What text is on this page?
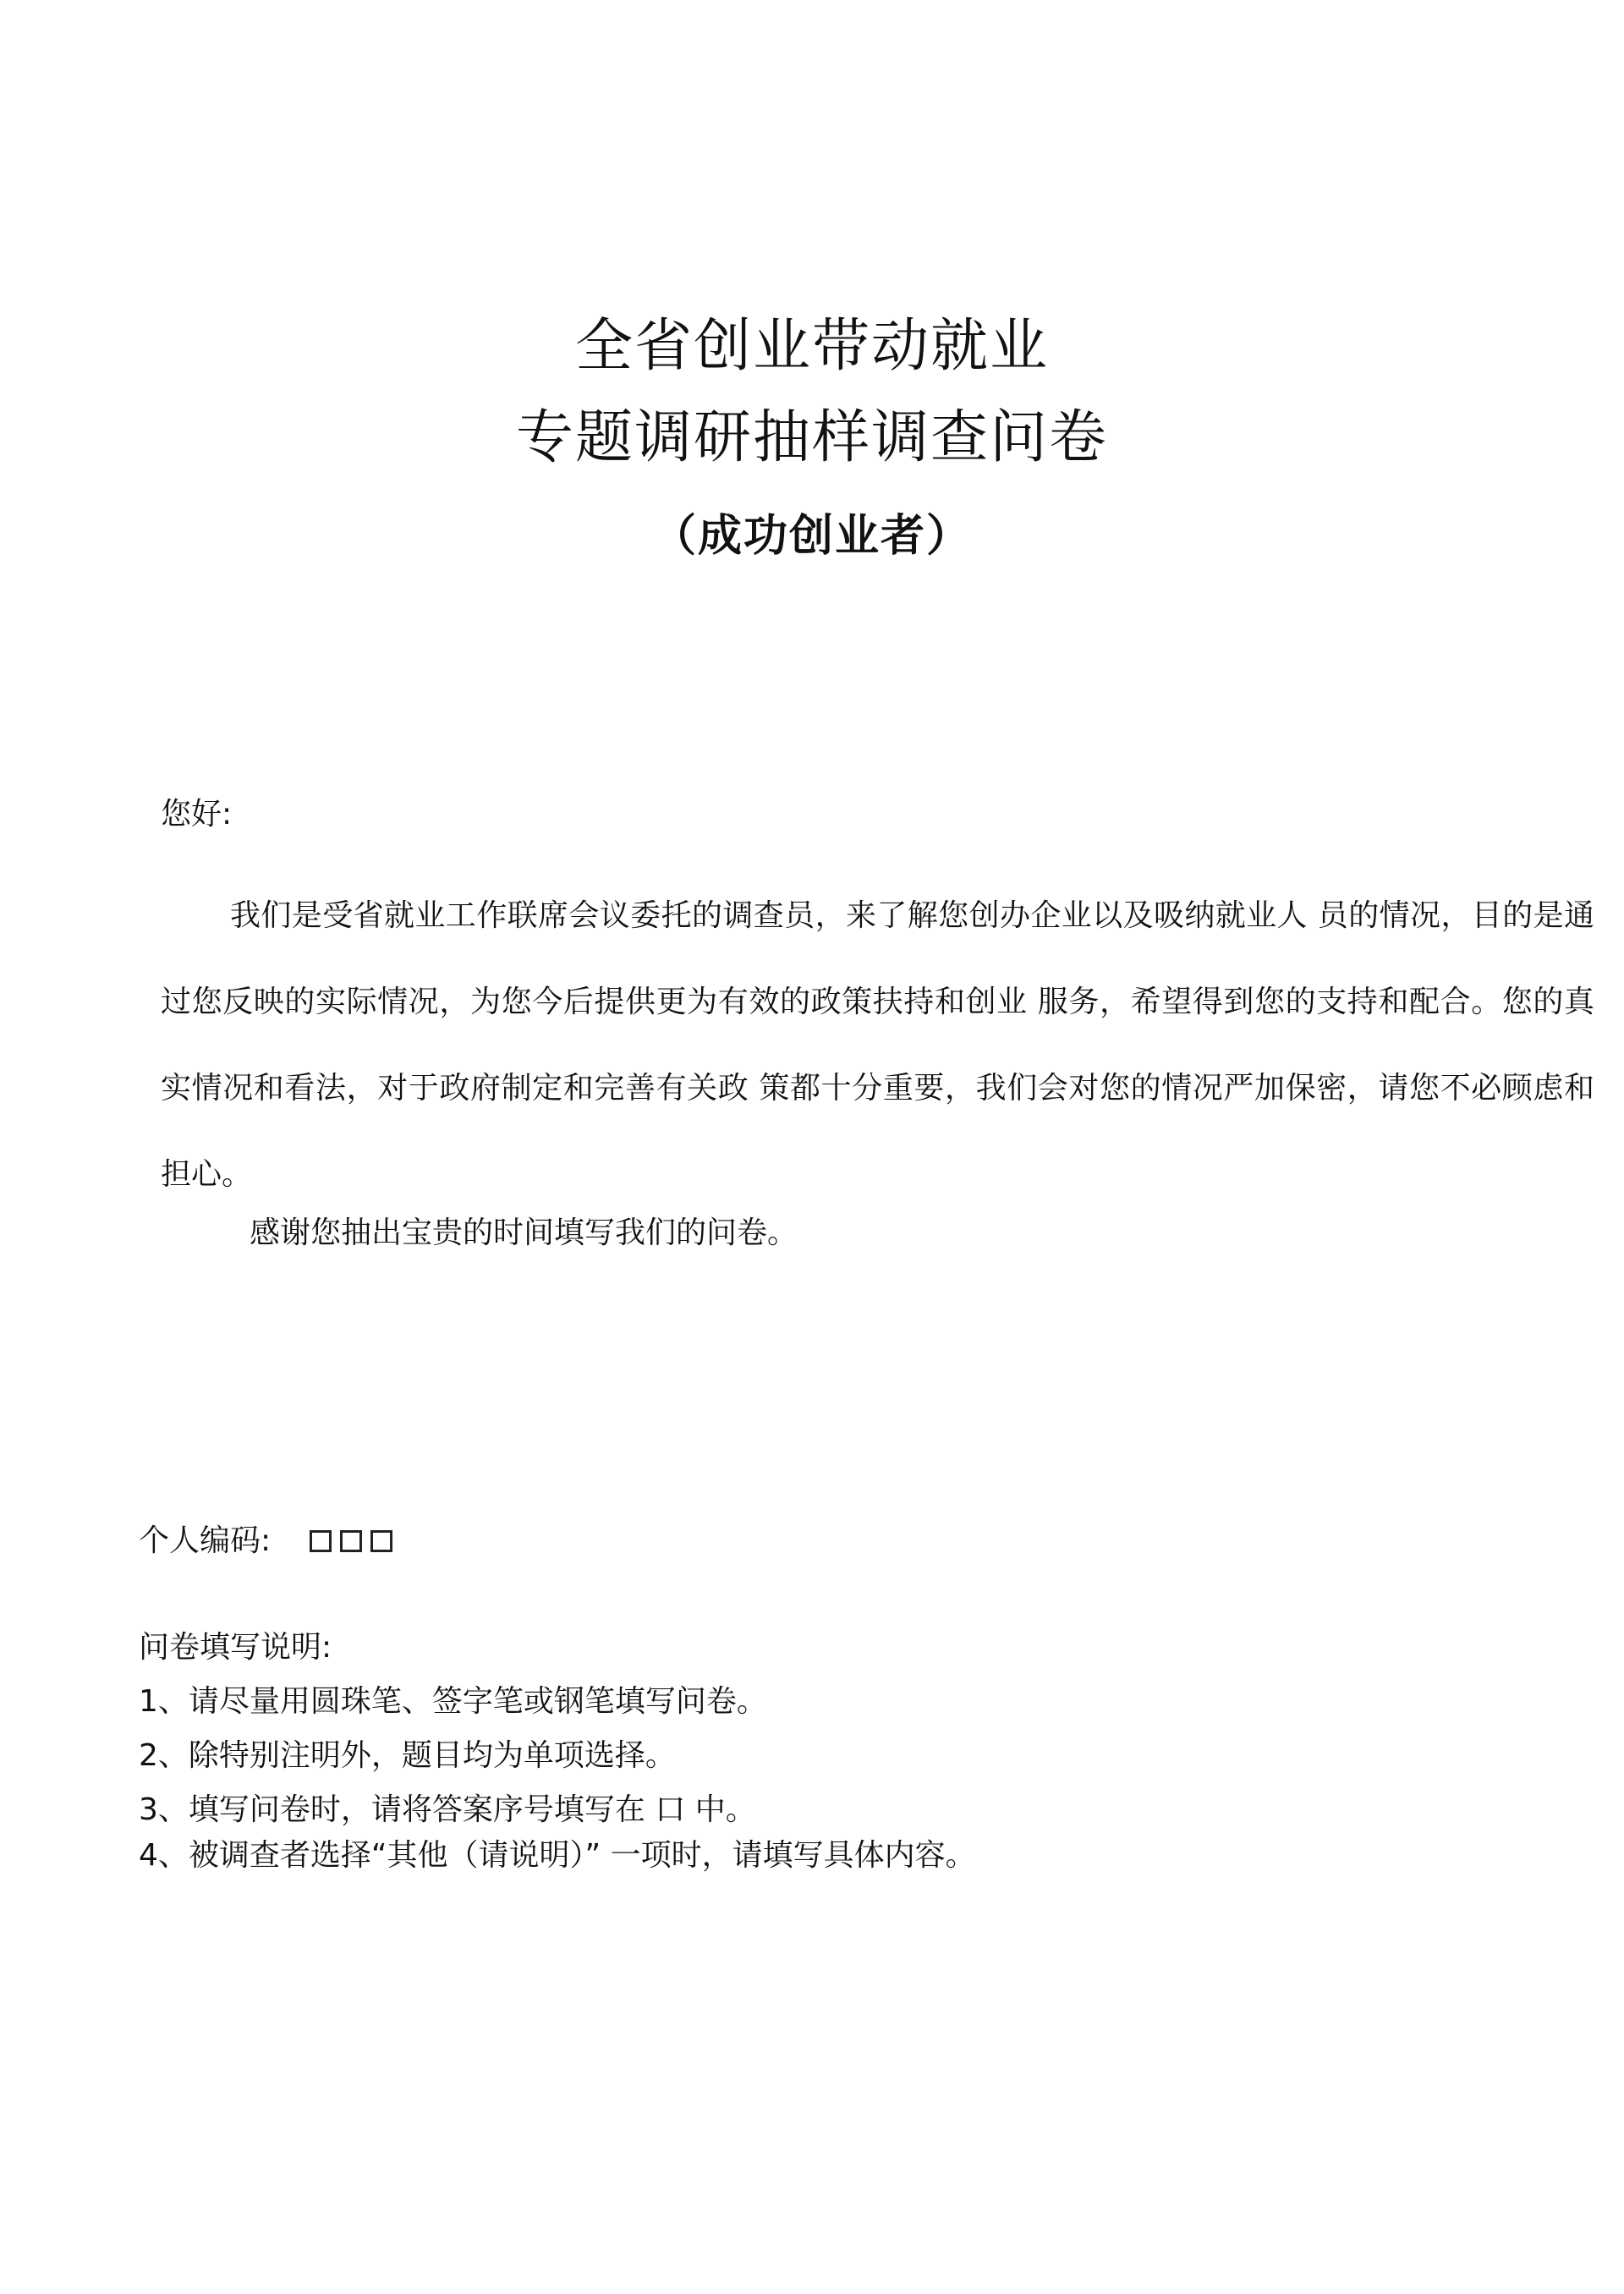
全省创业带动就业
专题调研抽样调查问卷
（成功创业者）
您好:

我们是受省就业工作联席会议委托的调查员，来了解您创办企业以及吸纳就业人 员的情况，目的是通过您反映的实际情况，为您今后提供更为有效的政策扶持和创业 服务，希望得到您的支持和配合。您的真实情况和看法，对于政府制定和完善有关政 策都十分重要，我们会对您的情况严加保密，请您不必顾虑和担心。

感谢您抽出宝贵的时间填写我们的问卷。
个人编码:
问卷填写说明:
1、请尽量用圆珠笔、签字笔或钢笔填写问卷。
2、除特别注明外，题目均为单项选择。
3、填写问卷时，请将答案序号填写在 口 中。
4、被调查者选择“其他（请说明）” 一项时，请填写具体内容。
